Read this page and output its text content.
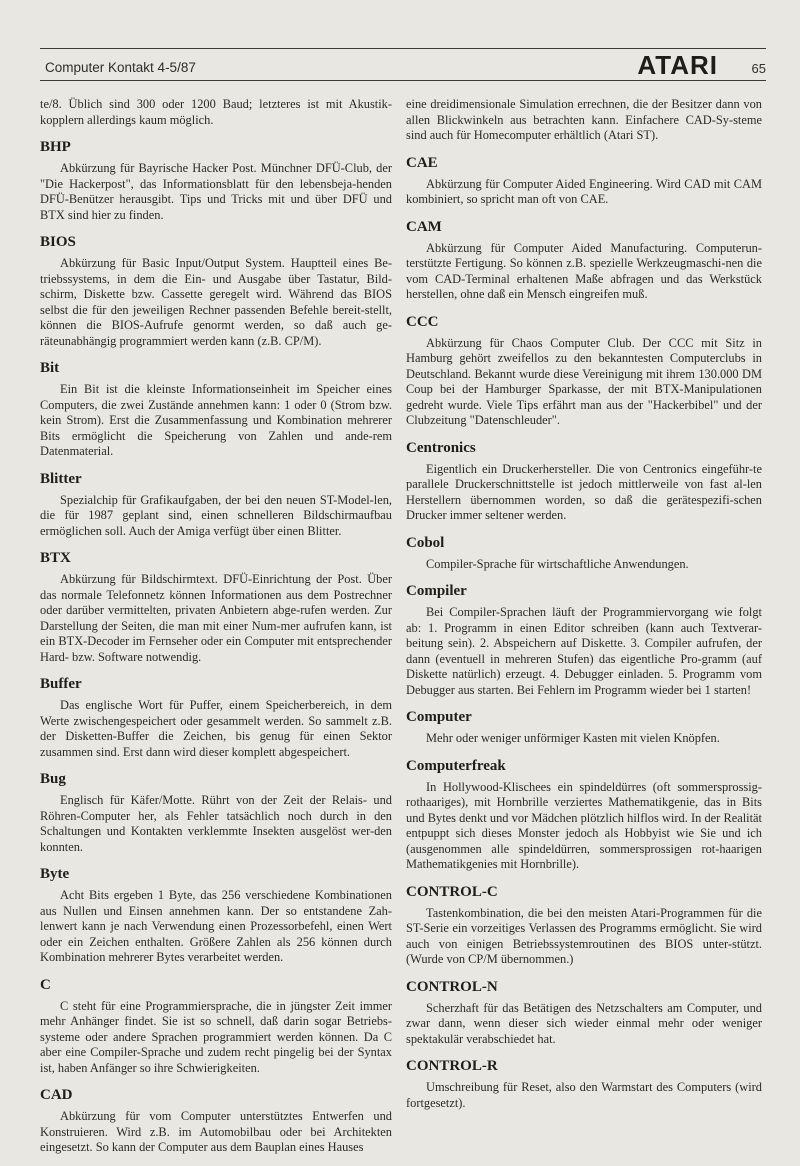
Computer Kontakt 4-5/87	ATARI	65

te/8. Üblich sind 300 oder 1200 Baud; letzteres ist mit Akustik-kopplern allerdings kaum möglich.

BHP

Abkürzung für Bayrische Hacker Post. Münchner DFÜ-Club, der "Die Hackerpost", das Informationsblatt für den lebensbeja-henden DFÜ-Benützer herausgibt. Tips und Tricks mit und über DFÜ und BTX sind hier zu finden.

BIOS

Abkürzung für Basic Input/Output System. Hauptteil eines Be-triebssystems, in dem die Ein- und Ausgabe über Tastatur, Bild-schirm, Diskette bzw. Cassette geregelt wird. Während das BIOS selbst die für den jeweiligen Rechner passenden Befehle bereit-stellt, können die BIOS-Aufrufe genormt werden, so daß auch ge-räteunabhängig programmiert werden kann (z.B. CP/M).

Bit

Ein Bit ist die kleinste Informationseinheit im Speicher eines Computers, die zwei Zustände annehmen kann: 1 oder 0 (Strom bzw. kein Strom). Erst die Zusammenfassung und Kombination mehrerer Bits ermöglicht die Speicherung von Zahlen und ande-rem Datenmaterial.

Blitter

Spezialchip für Grafikaufgaben, der bei den neuen ST-Model-len, die für 1987 geplant sind, einen schnelleren Bildschirmaufbau ermöglichen soll. Auch der Amiga verfügt über einen Blitter.

BTX

Abkürzung für Bildschirmtext. DFÜ-Einrichtung der Post. Über das normale Telefonnetz können Informationen aus dem Postrechner oder darüber vermittelten, privaten Anbietern abge-rufen werden. Zur Darstellung der Seiten, die man mit einer Num-mer aufrufen kann, ist ein BTX-Decoder im Fernseher oder ein Computer mit entsprechender Hard- bzw. Software notwendig.

Buffer

Das englische Wort für Puffer, einem Speicherbereich, in dem Werte zwischengespeichert oder gesammelt werden. So sammelt z.B. der Disketten-Buffer die Zeichen, bis genug für einen Sektor zusammen sind. Erst dann wird dieser komplett abgespeichert.

Bug

Englisch für Käfer/Motte. Rührt von der Zeit der Relais- und Röhren-Computer her, als Fehler tatsächlich noch durch in den Schaltungen und Kontakten verklemmte Insekten ausgelöst wer-den konnten.

Byte

Acht Bits ergeben 1 Byte, das 256 verschiedene Kombinationen aus Nullen und Einsen annehmen kann. Der so entstandene Zah-lenwert kann je nach Verwendung einen Prozessorbefehl, einen Wert oder ein Zeichen enthalten. Größere Zahlen als 256 können durch Kombination mehrerer Bytes verarbeitet werden.

C

C steht für eine Programmiersprache, die in jüngster Zeit immer mehr Anhänger findet. Sie ist so schnell, daß darin sogar Betriebs-systeme oder andere Sprachen programmiert werden können. Da C aber eine Compiler-Sprache und zudem recht pingelig bei der Syntax ist, haben Anfänger so ihre Schwierigkeiten.

CAD

Abkürzung für vom Computer unterstütztes Entwerfen und Konstruieren. Wird z.B. im Automobilbau oder bei Architekten eingesetzt. So kann der Computer aus dem Bauplan eines Hauses

eine dreidimensionale Simulation errechnen, die der Besitzer dann von allen Blickwinkeln aus betrachten kann. Einfachere CAD-Sy-steme sind auch für Homecomputer erhältlich (Atari ST).

CAE

Abkürzung für Computer Aided Engineering. Wird CAD mit CAM kombiniert, so spricht man oft von CAE.

CAM

Abkürzung für Computer Aided Manufacturing. Computerun-terstützte Fertigung. So können z.B. spezielle Werkzeugmaschi-nen die vom CAD-Terminal erhaltenen Maße abfragen und das Werkstück herstellen, ohne daß ein Mensch eingreifen muß.

CCC

Abkürzung für Chaos Computer Club. Der CCC mit Sitz in Hamburg gehört zweifellos zu den bekanntesten Computerclubs in Deutschland. Bekannt wurde diese Vereinigung mit ihrem 130.000 DM Coup bei der Hamburger Sparkasse, der mit BTX-Manipulationen gedreht wurde. Viele Tips erfährt man aus der "Hackerbibel" und der Clubzeitung "Datenschleuder".

Centronics

Eigentlich ein Druckerhersteller. Die von Centronics eingeführ-te parallele Druckerschnittstelle ist jedoch mittlerweile von fast al-len Herstellern übernommen worden, so daß die gerätespezifi-schen Drucker immer seltener werden.

Cobol

Compiler-Sprache für wirtschaftliche Anwendungen.

Compiler

Bei Compiler-Sprachen läuft der Programmiervorgang wie folgt ab: 1. Programm in einen Editor schreiben (kann auch Textverar-beitung sein). 2. Abspeichern auf Diskette. 3. Compiler aufrufen, der dann (eventuell in mehreren Stufen) das eigentliche Pro-gramm (auf Diskette natürlich) erzeugt. 4. Debugger einladen. 5. Programm vom Debugger aus starten. Bei Fehlern im Programm wieder bei 1 starten!

Computer

Mehr oder weniger unförmiger Kasten mit vielen Knöpfen.

Computerfreak

In Hollywood-Klischees ein spindeldürres (oft sommersprossig-rothaariges), mit Hornbrille verziertes Mathematikgenie, das in Bits und Bytes denkt und vor Mädchen plötzlich hilflos wird. In der Realität entpuppt sich dieses Monster jedoch als Hobbyist wie Sie und ich (ausgenommen alle spindeldürren, sommersprossigen rot-haarigen Mathematikgenies mit Hornbrille).

CONTROL-C

Tastenkombination, die bei den meisten Atari-Programmen für die ST-Serie ein vorzeitiges Verlassen des Programms ermöglicht. Sie wird auch von einigen Betriebssystemroutinen des BIOS unter-stützt. (Wurde von CP/M übernommen.)

CONTROL-N

Scherzhaft für das Betätigen des Netzschalters am Computer, und zwar dann, wenn dieser sich wieder einmal mehr oder weniger spektakulär verabschiedet hat.

CONTROL-R

Umschreibung für Reset, also den Warmstart des Computers (wird fortgesetzt).
